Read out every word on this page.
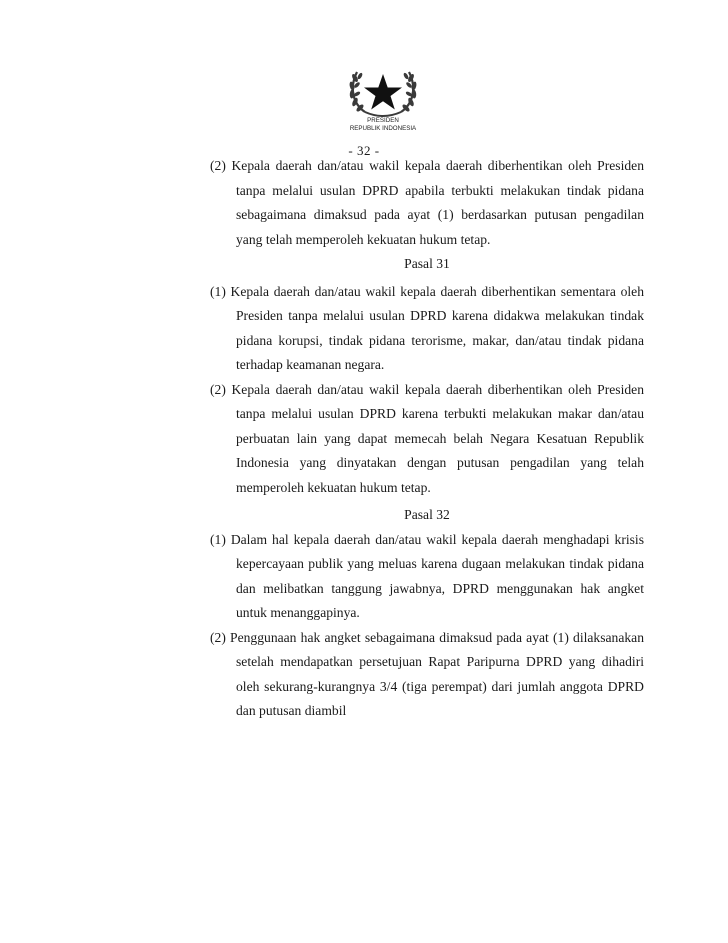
PRESIDEN
REPUBLIK INDONESIA
- 32 -

(2) Kepala daerah dan/atau wakil kepala daerah diberhentikan oleh Presiden tanpa melalui usulan DPRD apabila terbukti melakukan tindak pidana sebagaimana dimaksud pada ayat (1) berdasarkan putusan pengadilan yang telah memperoleh kekuatan hukum tetap.

Pasal 31

(1) Kepala daerah dan/atau wakil kepala daerah diberhentikan sementara oleh Presiden tanpa melalui usulan DPRD karena didakwa melakukan tindak pidana korupsi, tindak pidana terorisme, makar, dan/atau tindak pidana terhadap keamanan negara.

(2) Kepala daerah dan/atau wakil kepala daerah diberhentikan oleh Presiden tanpa melalui usulan DPRD karena terbukti melakukan makar dan/atau perbuatan lain yang dapat memecah belah Negara Kesatuan Republik Indonesia yang dinyatakan dengan putusan pengadilan yang telah memperoleh kekuatan hukum tetap.

Pasal 32

(1) Dalam hal kepala daerah dan/atau wakil kepala daerah menghadapi krisis kepercayaan publik yang meluas karena dugaan melakukan tindak pidana dan melibatkan tanggung jawabnya, DPRD menggunakan hak angket untuk menanggapinya.

(2) Penggunaan hak angket sebagaimana dimaksud pada ayat (1) dilaksanakan setelah mendapatkan persetujuan Rapat Paripurna DPRD yang dihadiri oleh sekurang-kurangnya 3/4 (tiga perempat) dari jumlah anggota DPRD dan putusan diambil
